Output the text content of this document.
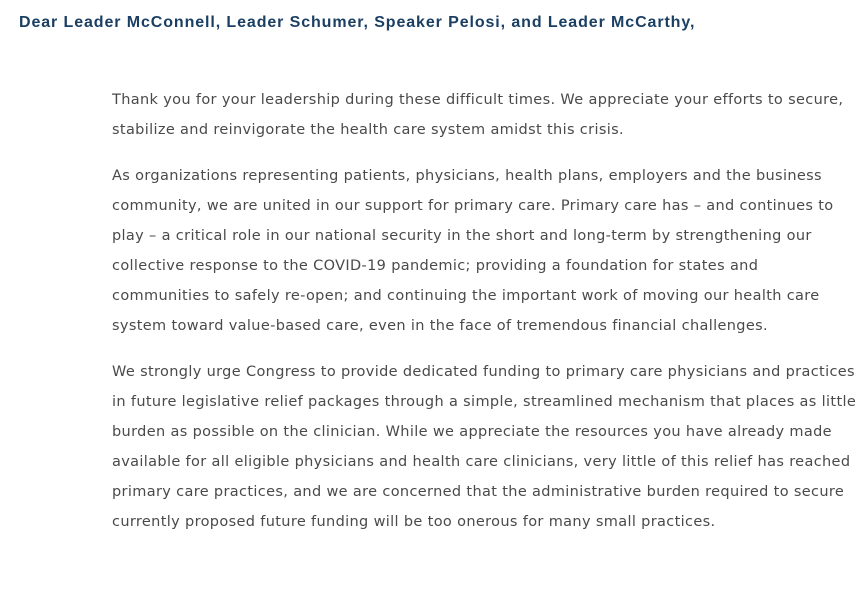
Dear Leader McConnell, Leader Schumer, Speaker Pelosi, and Leader McCarthy,

Thank you for your leadership during these difficult times. We appreciate your efforts to secure, stabilize and reinvigorate the health care system amidst this crisis.

As organizations representing patients, physicians, health plans, employers and the business community, we are united in our support for primary care. Primary care has – and continues to play – a critical role in our national security in the short and long-term by strengthening our collective response to the COVID-19 pandemic; providing a foundation for states and communities to safely re-open; and continuing the important work of moving our health care system toward value-based care, even in the face of tremendous financial challenges.

We strongly urge Congress to provide dedicated funding to primary care physicians and practices in future legislative relief packages through a simple, streamlined mechanism that places as little burden as possible on the clinician. While we appreciate the resources you have already made available for all eligible physicians and health care clinicians, very little of this relief has reached primary care practices, and we are concerned that the administrative burden required to secure currently proposed future funding will be too onerous for many small practices.
